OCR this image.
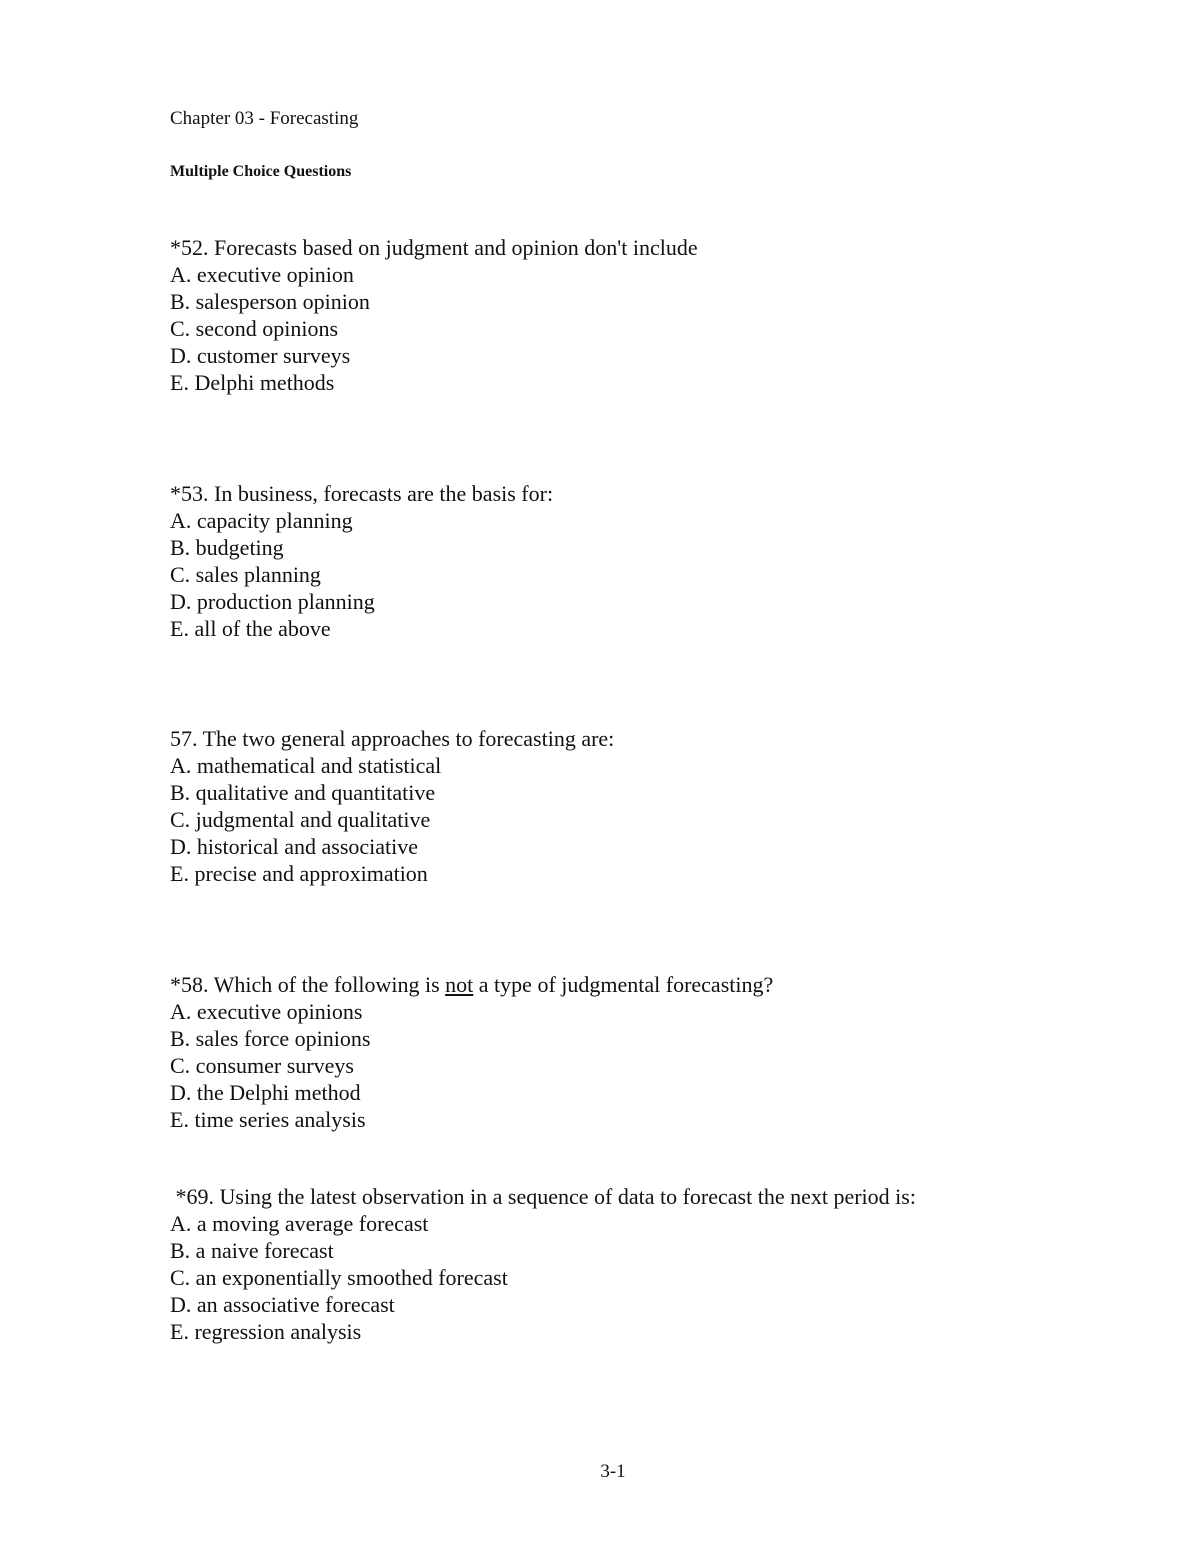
Chapter 03 - Forecasting
Multiple Choice Questions
*52. Forecasts based on judgment and opinion don't include
A. executive opinion
B. salesperson opinion
C. second opinions
D. customer surveys
E. Delphi methods
*53. In business, forecasts are the basis for:
A. capacity planning
B. budgeting
C. sales planning
D. production planning
E. all of the above
57. The two general approaches to forecasting are:
A. mathematical and statistical
B. qualitative and quantitative
C. judgmental and qualitative
D. historical and associative
E. precise and approximation
*58. Which of the following is not a type of judgmental forecasting?
A. executive opinions
B. sales force opinions
C. consumer surveys
D. the Delphi method
E. time series analysis
*69. Using the latest observation in a sequence of data to forecast the next period is:
A. a moving average forecast
B. a naive forecast
C. an exponentially smoothed forecast
D. an associative forecast
E. regression analysis
3-1
